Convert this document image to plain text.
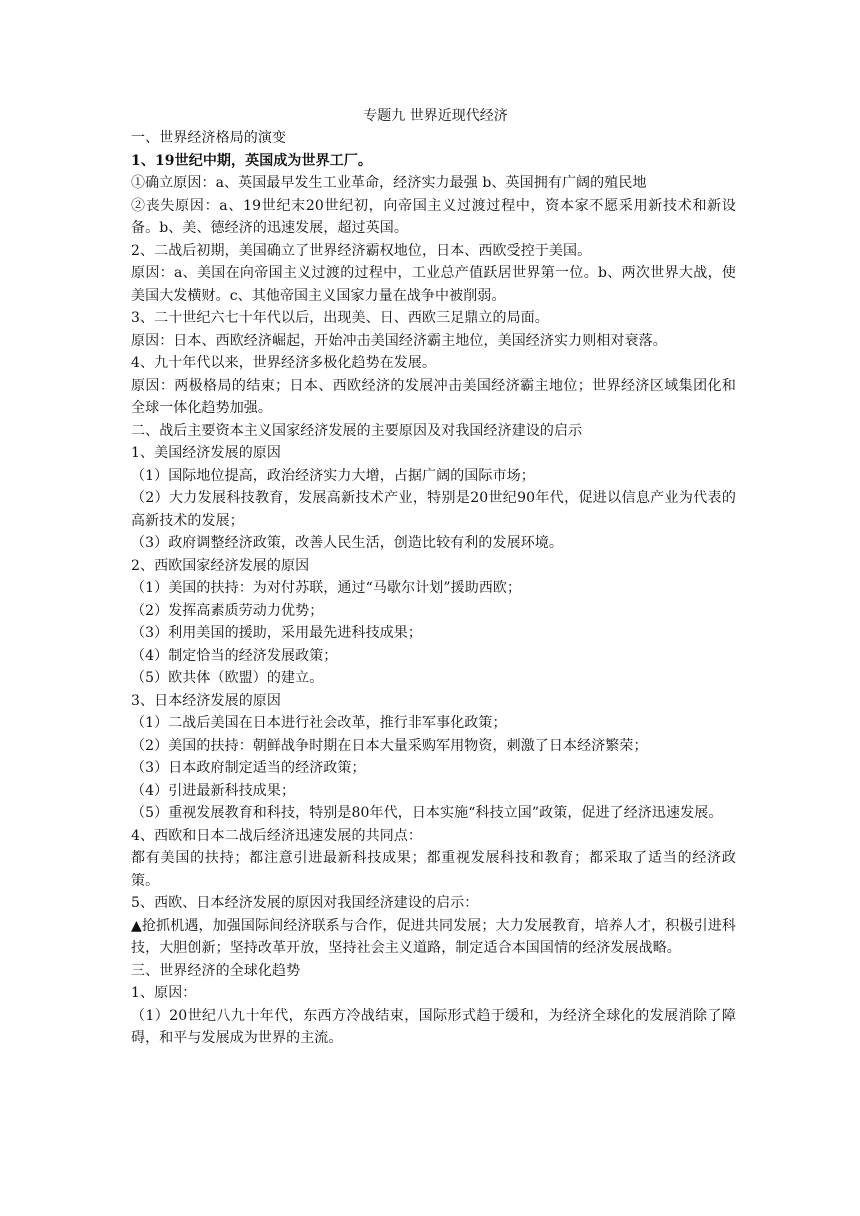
专题九 世界近现代经济

一、世界经济格局的演变

1、19世纪中期，英国成为世界工厂。

①确立原因：a、英国最早发生工业革命，经济实力最强 b、英国拥有广阔的殖民地

②丧失原因：a、19世纪末20世纪初，向帝国主义过渡过程中，资本家不愿采用新技术和新设备。b、美、德经济的迅速发展，超过英国。

2、二战后初期，美国确立了世界经济霸权地位，日本、西欧受控于美国。

原因：a、美国在向帝国主义过渡的过程中，工业总产值跃居世界第一位。b、两次世界大战，使美国大发横财。c、其他帝国主义国家力量在战争中被削弱。

3、二十世纪六七十年代以后，出现美、日、西欧三足鼎立的局面。

原因：日本、西欧经济崛起，开始冲击美国经济霸主地位，美国经济实力则相对衰落。

4、九十年代以来，世界经济多极化趋势在发展。

原因：两极格局的结束；日本、西欧经济的发展冲击美国经济霸主地位；世界经济区域集团化和全球一体化趋势加强。

二、战后主要资本主义国家经济发展的主要原因及对我国经济建设的启示

1、美国经济发展的原因

（1）国际地位提高，政治经济实力大增，占据广阔的国际市场；

（2）大力发展科技教育，发展高新技术产业，特别是20世纪90年代，促进以信息产业为代表的高新技术的发展；

（3）政府调整经济政策，改善人民生活，创造比较有利的发展环境。

2、西欧国家经济发展的原因

（1）美国的扶持：为对付苏联，通过“马歇尔计划”援助西欧；

（2）发挥高素质劳动力优势；

（3）利用美国的援助，采用最先进科技成果；

（4）制定恰当的经济发展政策；

（5）欧共体（欧盟）的建立。

3、日本经济发展的原因

（1）二战后美国在日本进行社会改革，推行非军事化政策；

（2）美国的扶持：朝鲜战争时期在日本大量采购军用物资，刺激了日本经济繁荣；

（3）日本政府制定适当的经济政策；

（4）引进最新科技成果；

（5）重视发展教育和科技，特别是80年代，日本实施“科技立国”政策，促进了经济迅速发展。

4、西欧和日本二战后经济迅速发展的共同点：

都有美国的扶持；都注意引进最新科技成果；都重视发展科技和教育；都采取了适当的经济政策。

5、西欧、日本经济发展的原因对我国经济建设的启示：

▲抢抓机遇，加强国际间经济联系与合作，促进共同发展；大力发展教育，培养人才，积极引进科技，大胆创新；坚持改革开放，坚持社会主义道路，制定适合本国国情的经济发展战略。

三、世界经济的全球化趋势

1、原因：

（1）20世纪八九十年代，东西方冷战结束，国际形式趋于缓和，为经济全球化的发展消除了障碍，和平与发展成为世界的主流。
